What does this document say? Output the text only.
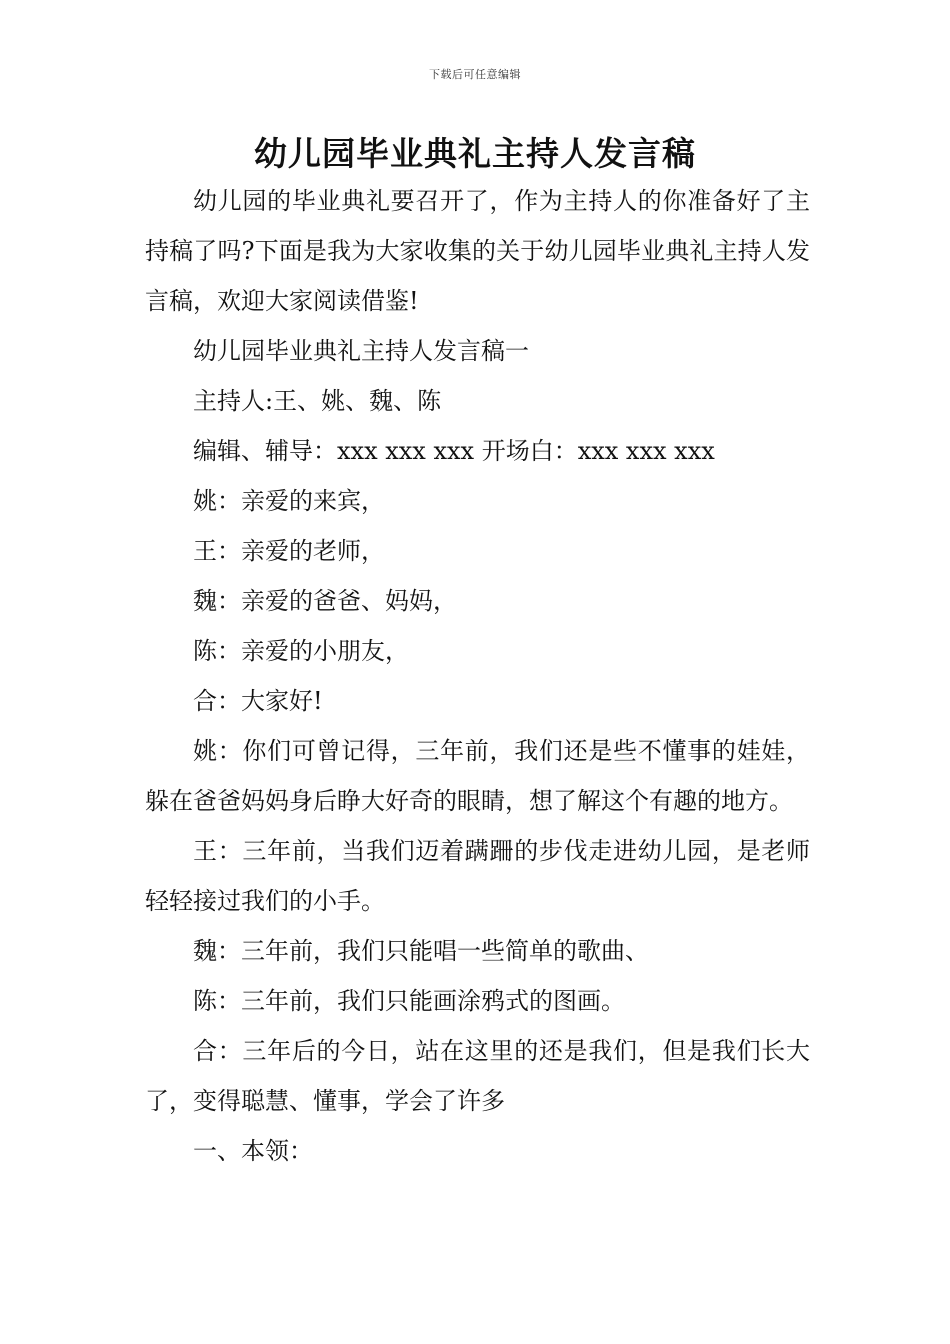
下载后可任意编辑
幼儿园毕业典礼主持人发言稿

幼儿园的毕业典礼要召开了，作为主持人的你准备好了主持稿了吗?下面是我为大家收集的关于幼儿园毕业典礼主持人发言稿，欢迎大家阅读借鉴!

幼儿园毕业典礼主持人发言稿一

主持人:王、姚、魏、陈

编辑、辅导：xxx xxx xxx 开场白：xxx xxx xxx

姚：亲爱的来宾，

王：亲爱的老师，

魏：亲爱的爸爸、妈妈，

陈：亲爱的小朋友，

合：大家好!

姚：你们可曾记得，三年前，我们还是些不懂事的娃娃，躲在爸爸妈妈身后睁大好奇的眼睛，想了解这个有趣的地方。

王：三年前，当我们迈着蹒跚的步伐走进幼儿园，是老师轻轻接过我们的小手。

魏：三年前，我们只能唱一些简单的歌曲、

陈：三年前，我们只能画涂鸦式的图画。

合：三年后的今日，站在这里的还是我们，但是我们长大了，变得聪慧、懂事，学会了许多

一、本领：
